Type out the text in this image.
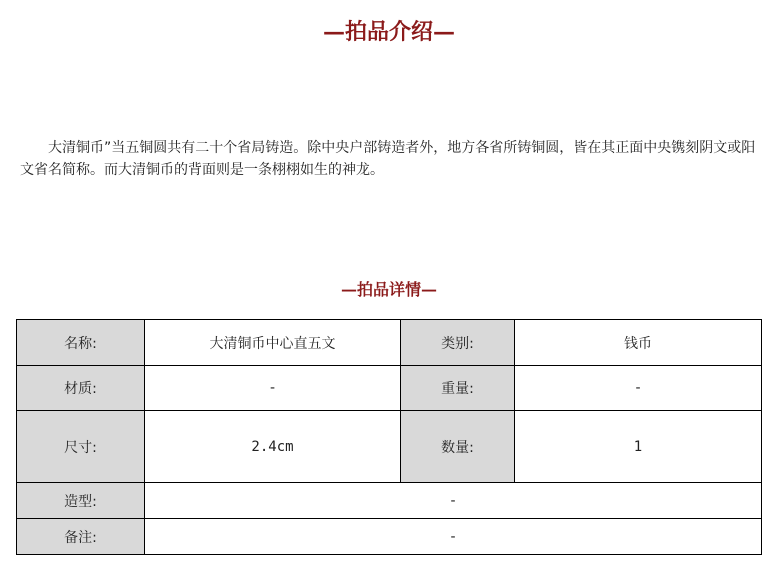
—拍品介绍—

大清铜币”当五铜圆共有二十个省局铸造。除中央户部铸造者外，地方各省所铸铜圆，皆在其正面中央镌刻阴文或阳文省名简称。而大清铜币的背面则是一条栩栩如生的神龙。

—拍品详情—
名称:	大清铜币中心直五文	类别:	钱币
材质:	-	重量:	-
尺寸:	2.4cm	数量:	1
造型:	-		
备注:	-		
